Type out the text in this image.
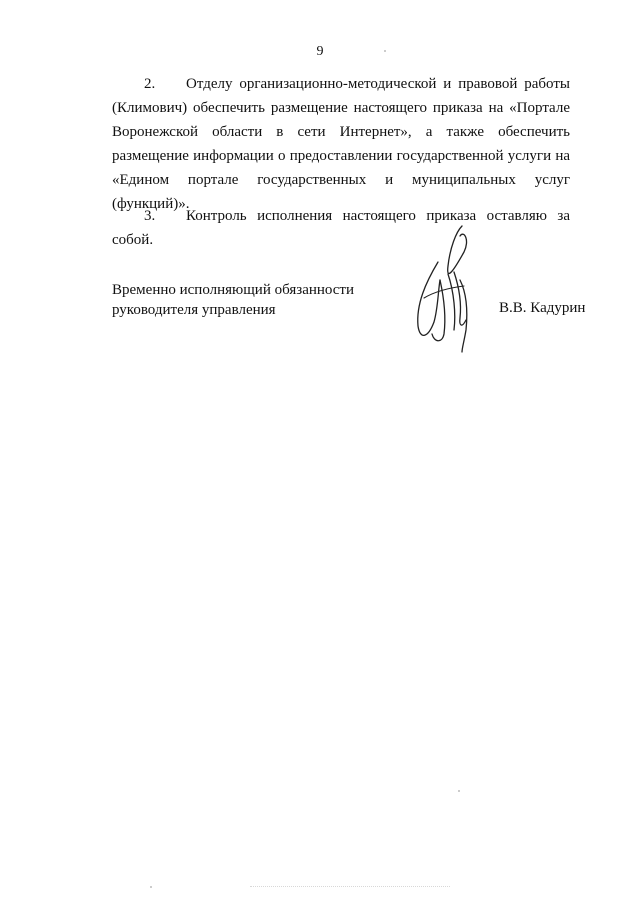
9

2. Отделу организационно-методической и правовой работы (Климович) обеспечить размещение настоящего приказа на «Портале Воронежской области в сети Интернет», а также обеспечить размещение информации о предоставлении государственной услуги на «Едином портале государственных и муниципальных услуг (функций)».

3. Контроль исполнения настоящего приказа оставляю за собой.

Временно исполняющий обязанности
руководителя управления	В.В. Кадурин
